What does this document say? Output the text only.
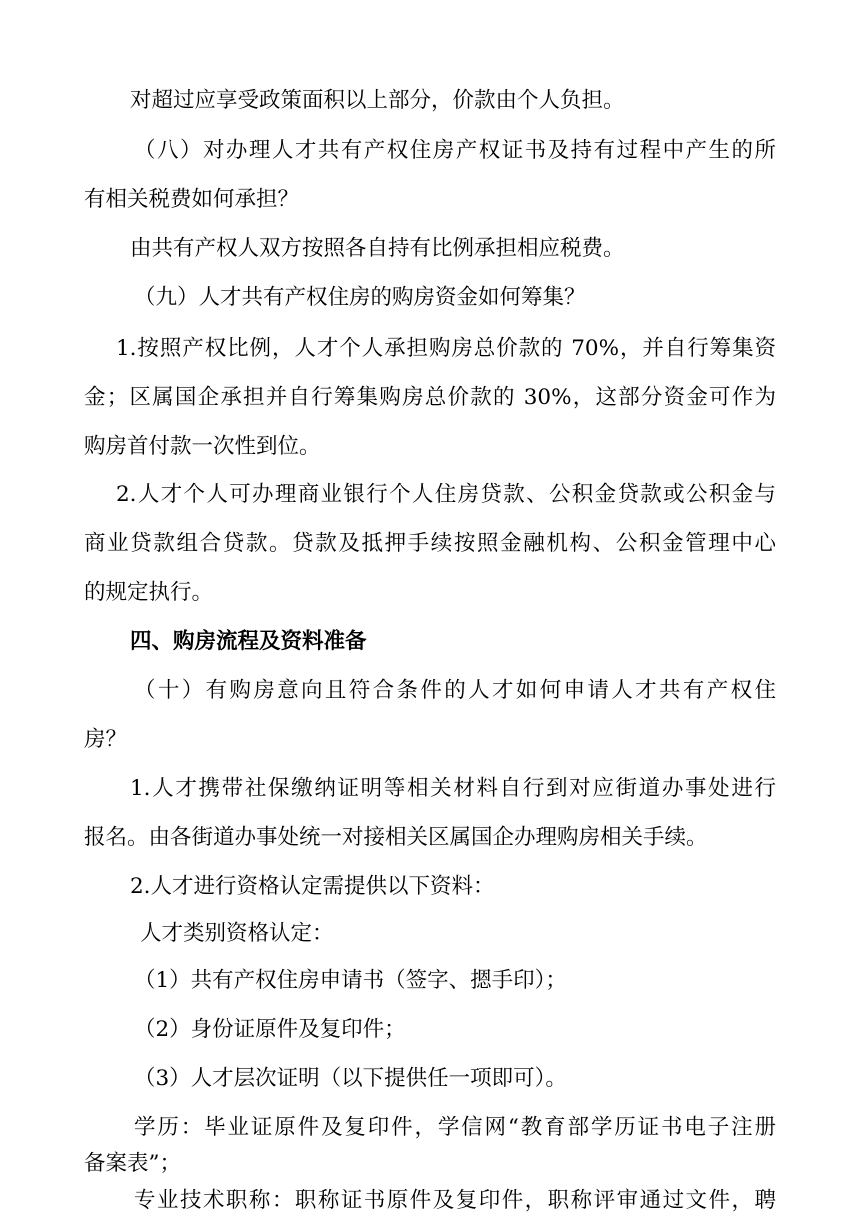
对超过应享受政策面积以上部分，价款由个人负担。
（八）对办理人才共有产权住房产权证书及持有过程中产生的所
有相关税费如何承担？
由共有产权人双方按照各自持有比例承担相应税费。
（九）人才共有产权住房的购房资金如何筹集？
1.按照产权比例，人才个人承担购房总价款的 70%，并自行筹集资
金；区属国企承担并自行筹集购房总价款的 30%，这部分资金可作为
购房首付款一次性到位。
2.人才个人可办理商业银行个人住房贷款、公积金贷款或公积金与
商业贷款组合贷款。贷款及抵押手续按照金融机构、公积金管理中心
的规定执行。
四、购房流程及资料准备
（十）有购房意向且符合条件的人才如何申请人才共有产权住
房？
1.人才携带社保缴纳证明等相关材料自行到对应街道办事处进行
报名。由各街道办事处统一对接相关区属国企办理购房相关手续。
2.人才进行资格认定需提供以下资料：
人才类别资格认定：
（1）共有产权住房申请书（签字、摁手印）；
（2）身份证原件及复印件；
（3）人才层次证明（以下提供任一项即可）。
学历：毕业证原件及复印件，学信网“教育部学历证书电子注册
备案表”；
专业技术职称：职称证书原件及复印件，职称评审通过文件，聘
